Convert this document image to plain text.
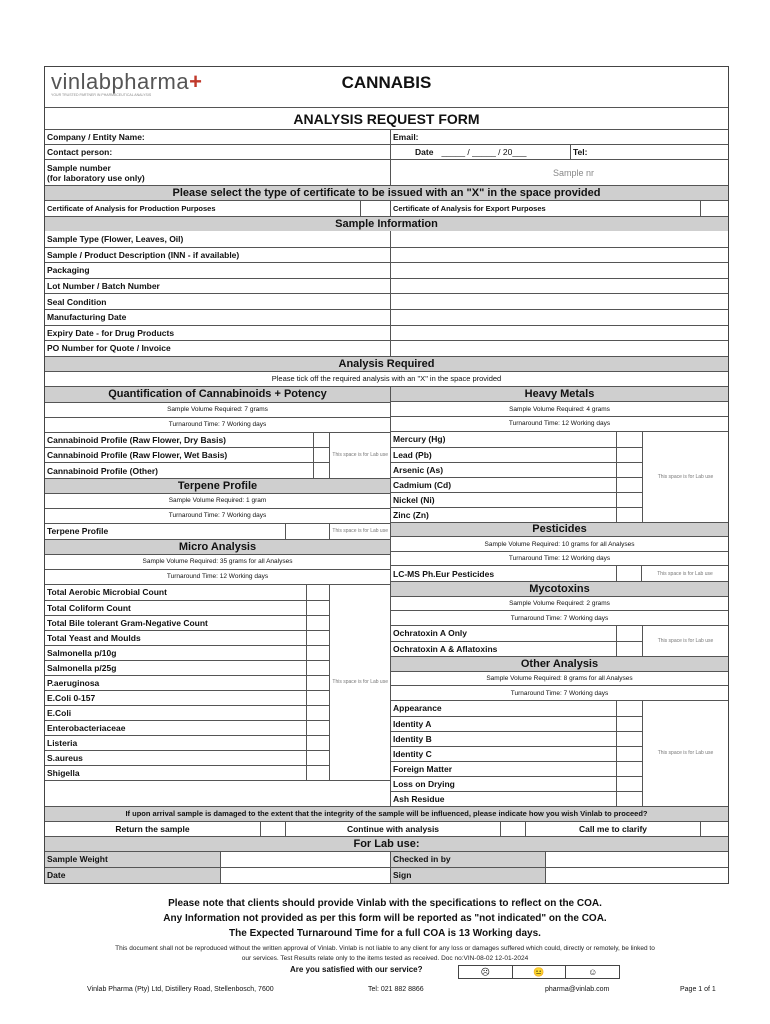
vinlabpharma+
YOUR TRUSTED PARTNER IN PHARMACEUTICAL ANALYSIS
CANNABIS
ANALYSIS REQUEST FORM
Company / Entity Name:	Email:
Contact person:	Date _____ / _____ / 20___	Tel:
Sample number
(for laboratory use only)	Sample nr
Please select the type of certificate to be issued with an "X" in the space provided
Certificate of Analysis for Production Purposes	Certificate of Analysis for Export Purposes
Sample Information
Sample Type (Flower, Leaves, Oil)
Sample / Product Description (INN - if available)
Packaging
Lot Number / Batch Number
Seal Condition
Manufacturing Date
Expiry Date - for Drug Products
PO Number for Quote / Invoice
Analysis Required
Please tick off the required analysis with an "X" in the space provided
Quantification of Cannabinoids + Potency
Sample Volume Required: 7 grams
Turnaround Time: 7 Working days
Cannabinoid Profile (Raw Flower, Dry Basis)
Cannabinoid Profile (Raw Flower, Wet Basis)
Cannabinoid Profile (Other)
This space is for Lab use
Terpene Profile
Sample Volume Required: 1 gram
Turnaround Time: 7 Working days
Terpene Profile	This space is for Lab use
Micro Analysis
Sample Volume Required: 35 grams for all Analyses
Turnaround Time: 12 Working days
Total Aerobic Microbial Count
Total Coliform Count
Total Bile tolerant Gram-Negative Count
Total Yeast and Moulds
Salmonella p/10g
Salmonella p/25g
P.aeruginosa
E.Coli 0-157
E.Coli
Enterobacteriaceae
Listeria
S.aureus
Shigella
This space is for Lab use
Heavy Metals
Sample Volume Required: 4 grams
Turnaround Time: 12 Working days
Mercury (Hg)
Lead (Pb)
Arsenic (As)
Cadmium (Cd)
Nickel (Ni)
Zinc (Zn)
This space is for Lab use
Pesticides
Sample Volume Required: 10 grams for all Analyses
Turnaround Time: 12 Working days
LC-MS Ph.Eur Pesticides	This space is for Lab use
Mycotoxins
Sample Volume Required: 2 grams
Turnaround Time: 7 Working days
Ochratoxin A Only
Ochratoxin A & Aflatoxins
This space is for Lab use
Other Analysis
Sample Volume Required: 8 grams for all Analyses
Turnaround Time: 7 Working days
Appearance
Identity A
Identity B
Identity C
Foreign Matter
Loss on Drying
Ash Residue
This space is for Lab use
If upon arrival sample is damaged to the extent that the integrity of the sample will be influenced, please indicate how you wish Vinlab to proceed?
Return the sample	Continue with analysis	Call me to clarify
For Lab use:
Sample Weight	Checked in by
Date	Sign
Please note that clients should provide Vinlab with the specifications to reflect on the COA.
Any Information not provided as per this form will be reported as "not indicated" on the COA.
The Expected Turnaround Time for a full COA is 13 Working days.
This document shall not be reproduced without the written approval of Vinlab. Vinlab is not liable to any client for any loss or damages suffered which could, directly or remotely, be linked to
our services. Test Results relate only to the items tested as received. Doc no:VIN-08-02 12-01-2024
Are you satisfied with our service?	☹	😐	☺
Vinlab Pharma (Pty) Ltd, Distillery Road, Stellenbosch, 7600	Tel: 021 882 8866	pharma@vinlab.com	Page 1 of 1
